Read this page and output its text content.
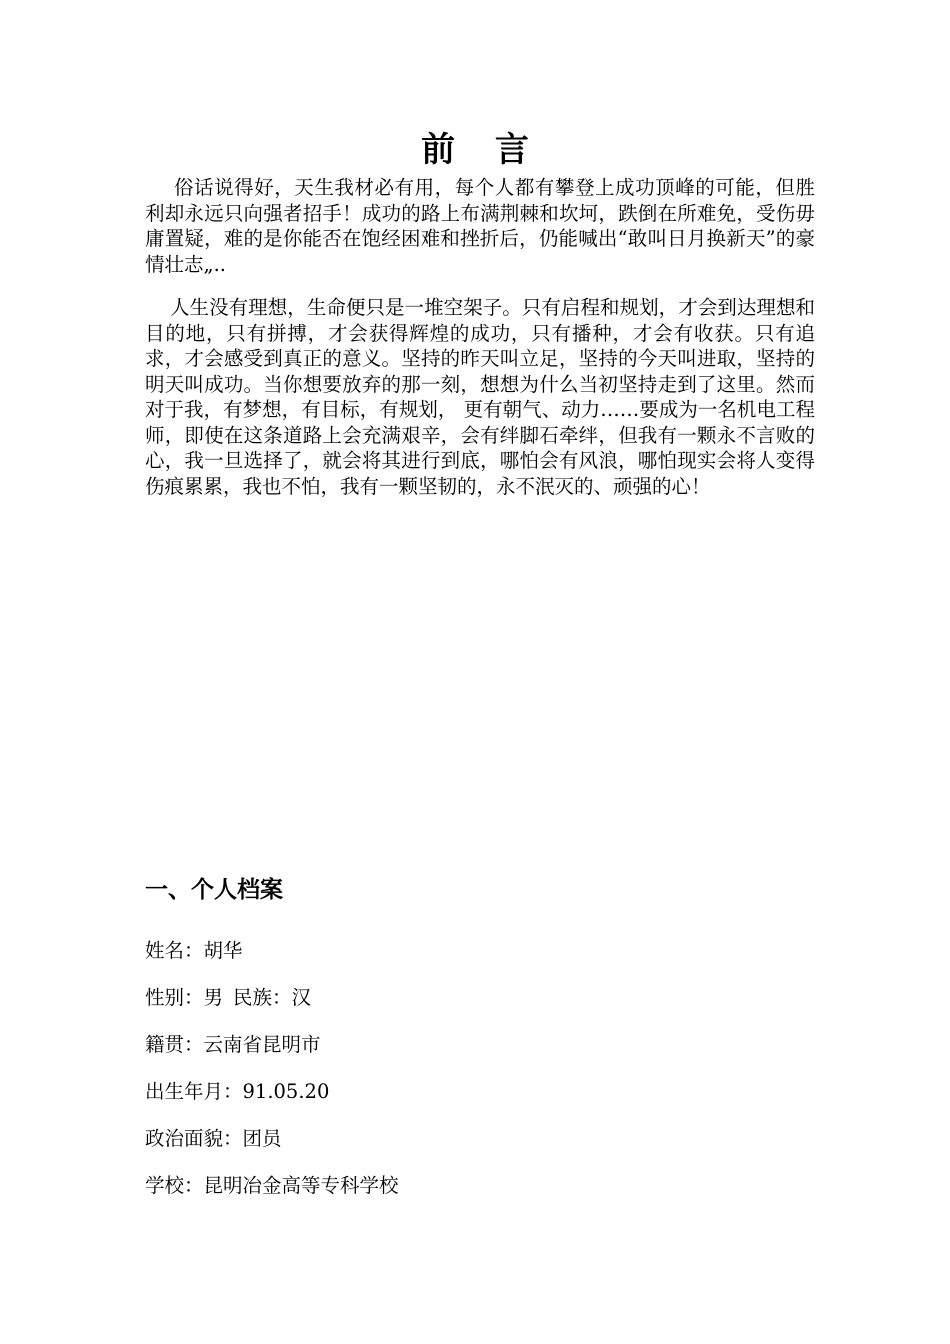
前 言

俗话说得好，天生我材必有用，每个人都有攀登上成功顶峰的可能，但胜利却永远只向强者招手！成功的路上布满荆棘和坎坷，跌倒在所难免，受伤毋庸置疑，难的是你能否在饱经困难和挫折后，仍能喊出“敢叫日月换新天”的豪情壮志„..

人生没有理想，生命便只是一堆空架子。只有启程和规划，才会到达理想和目的地，只有拼搏，才会获得辉煌的成功，只有播种，才会有收获。只有追求，才会感受到真正的意义。坚持的昨天叫立足，坚持的今天叫进取，坚持的明天叫成功。当你想要放弃的那一刻，想想为什么当初坚持走到了这里。然而对于我，有梦想，有目标，有规划， 更有朝气、动力……要成为一名机电工程师，即使在这条道路上会充满艰辛，会有绊脚石牵绊，但我有一颗永不言败的心，我一旦选择了，就会将其进行到底，哪怕会有风浪，哪怕现实会将人变得伤痕累累，我也不怕，我有一颗坚韧的，永不泯灭的、顽强的心！

一、个人档案
姓名：胡华
性别：男 民族：汉
籍贯：云南省昆明市
出生年月：91.05.20
政治面貌：团员
学校：昆明冶金高等专科学校
